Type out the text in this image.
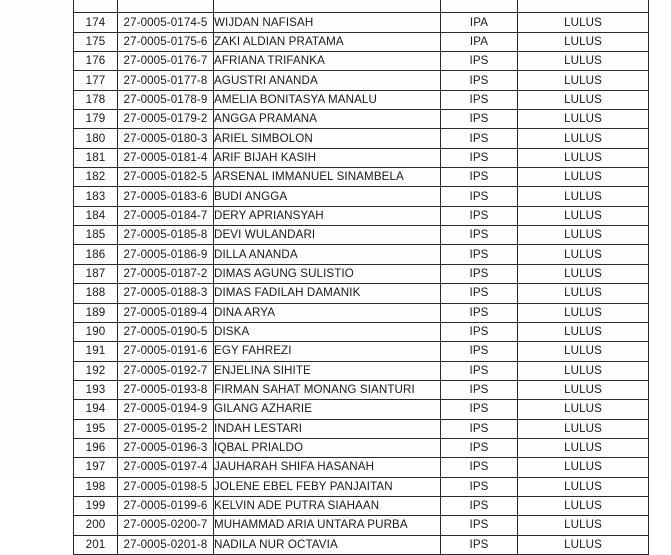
174	27-0005-0174-5	WIJDAN NAFISAH	IPA	LULUS
175	27-0005-0175-6	ZAKI ALDIAN PRATAMA	IPA	LULUS
176	27-0005-0176-7	AFRIANA TRIFANKA	IPS	LULUS
177	27-0005-0177-8	AGUSTRI ANANDA	IPS	LULUS
178	27-0005-0178-9	AMELIA BONITASYA MANALU	IPS	LULUS
179	27-0005-0179-2	ANGGA PRAMANA	IPS	LULUS
180	27-0005-0180-3	ARIEL SIMBOLON	IPS	LULUS
181	27-0005-0181-4	ARIF BIJAH KASIH	IPS	LULUS
182	27-0005-0182-5	ARSENAL IMMANUEL SINAMBELA	IPS	LULUS
183	27-0005-0183-6	BUDI ANGGA	IPS	LULUS
184	27-0005-0184-7	DERY APRIANSYAH	IPS	LULUS
185	27-0005-0185-8	DEVI WULANDARI	IPS	LULUS
186	27-0005-0186-9	DILLA ANANDA	IPS	LULUS
187	27-0005-0187-2	DIMAS AGUNG SULISTIO	IPS	LULUS
188	27-0005-0188-3	DIMAS FADILAH DAMANIK	IPS	LULUS
189	27-0005-0189-4	DINA ARYA	IPS	LULUS
190	27-0005-0190-5	DISKA	IPS	LULUS
191	27-0005-0191-6	EGY FAHREZI	IPS	LULUS
192	27-0005-0192-7	ENJELINA SIHITE	IPS	LULUS
193	27-0005-0193-8	FIRMAN SAHAT MONANG SIANTURI	IPS	LULUS
194	27-0005-0194-9	GILANG AZHARIE	IPS	LULUS
195	27-0005-0195-2	INDAH LESTARI	IPS	LULUS
196	27-0005-0196-3	IQBAL PRIALDO	IPS	LULUS
197	27-0005-0197-4	JAUHARAH SHIFA HASANAH	IPS	LULUS
198	27-0005-0198-5	JOLENE EBEL FEBY PANJAITAN	IPS	LULUS
199	27-0005-0199-6	KELVIN ADE PUTRA SIAHAAN	IPS	LULUS
200	27-0005-0200-7	MUHAMMAD ARIA UNTARA PURBA	IPS	LULUS
201	27-0005-0201-8	NADILA NUR OCTAVIA	IPS	LULUS
